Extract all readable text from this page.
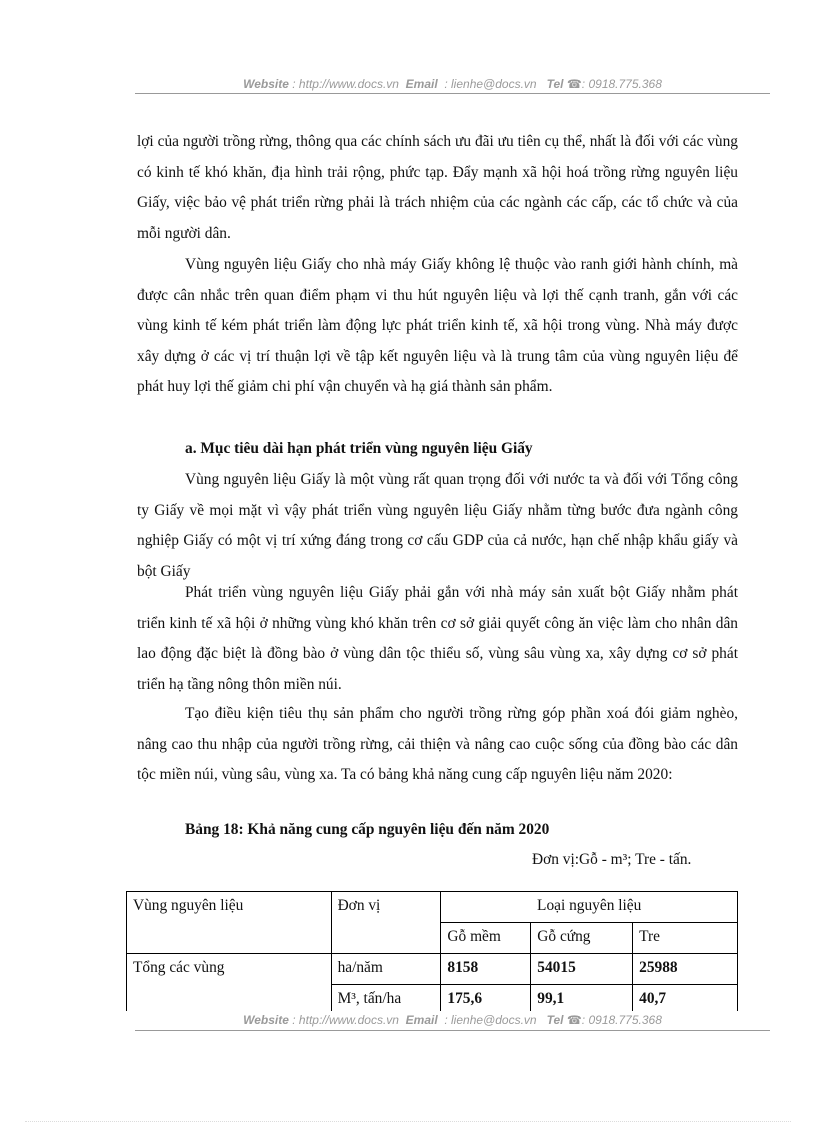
Website : http://www.docs.vn Email : lienhe@docs.vn Tel ☎: 0918.775.368
lợi của người trồng rừng, thông qua các chính sách ưu đãi ưu tiên cụ thể, nhất là đối với các vùng có kinh tế khó khăn, địa hình trải rộng, phức tạp. Đẩy mạnh xã hội hoá trồng rừng nguyên liệu Giấy, việc bảo vệ phát triển rừng phải là trách nhiệm của các ngành các cấp, các tổ chức và của mỗi người dân.
Vùng nguyên liệu Giấy cho nhà máy Giấy không lệ thuộc vào ranh giới hành chính, mà được cân nhắc trên quan điểm phạm vi thu hút nguyên liệu và lợi thế cạnh tranh, gắn với các vùng kinh tế kém phát triển làm động lực phát triển kinh tế, xã hội trong vùng. Nhà máy được xây dựng ở các vị trí thuận lợi về tập kết nguyên liệu và là trung tâm của vùng nguyên liệu để phát huy lợi thế giảm chi phí vận chuyển và hạ giá thành sản phẩm.
a. Mục tiêu dài hạn phát triển vùng nguyên liệu Giấy
Vùng nguyên liệu Giấy là một vùng rất quan trọng đối với nước ta và đối với Tổng công ty Giấy về mọi mặt vì vậy phát triển vùng nguyên liệu Giấy nhằm từng bước đưa ngành công nghiệp Giấy có một vị trí xứng đáng trong cơ cấu GDP của cả nước, hạn chế nhập khẩu giấy và bột Giấy
Phát triển vùng nguyên liệu Giấy phải gắn với nhà máy sản xuất bột Giấy nhằm phát triển kinh tế xã hội ở những vùng khó khăn trên cơ sở giải quyết công ăn việc làm cho nhân dân lao động đặc biệt là đồng bào ở vùng dân tộc thiểu số, vùng sâu vùng xa, xây dựng cơ sở phát triển hạ tầng nông thôn miền núi.
Tạo điều kiện tiêu thụ sản phẩm cho người trồng rừng góp phần xoá đói giảm nghèo, nâng cao thu nhập của người trồng rừng, cải thiện và nâng cao cuộc sống của đồng bào các dân tộc miền núi, vùng sâu, vùng xa. Ta có bảng khả năng cung cấp nguyên liệu năm 2020:
Bảng 18: Khả năng cung cấp nguyên liệu đến năm 2020
Đơn vị:Gỗ - m³; Tre - tấn.
Vùng nguyên liệu	Đơn vị	Loại nguyên liệu		
		Gỗ mềm	Gỗ cứng	Tre
Tổng các vùng	ha/năm	8158	54015	25988
	M³, tấn/ha	175,6	99,1	40,7
Website : http://www.docs.vn Email : lienhe@docs.vn Tel ☎: 0918.775.368
